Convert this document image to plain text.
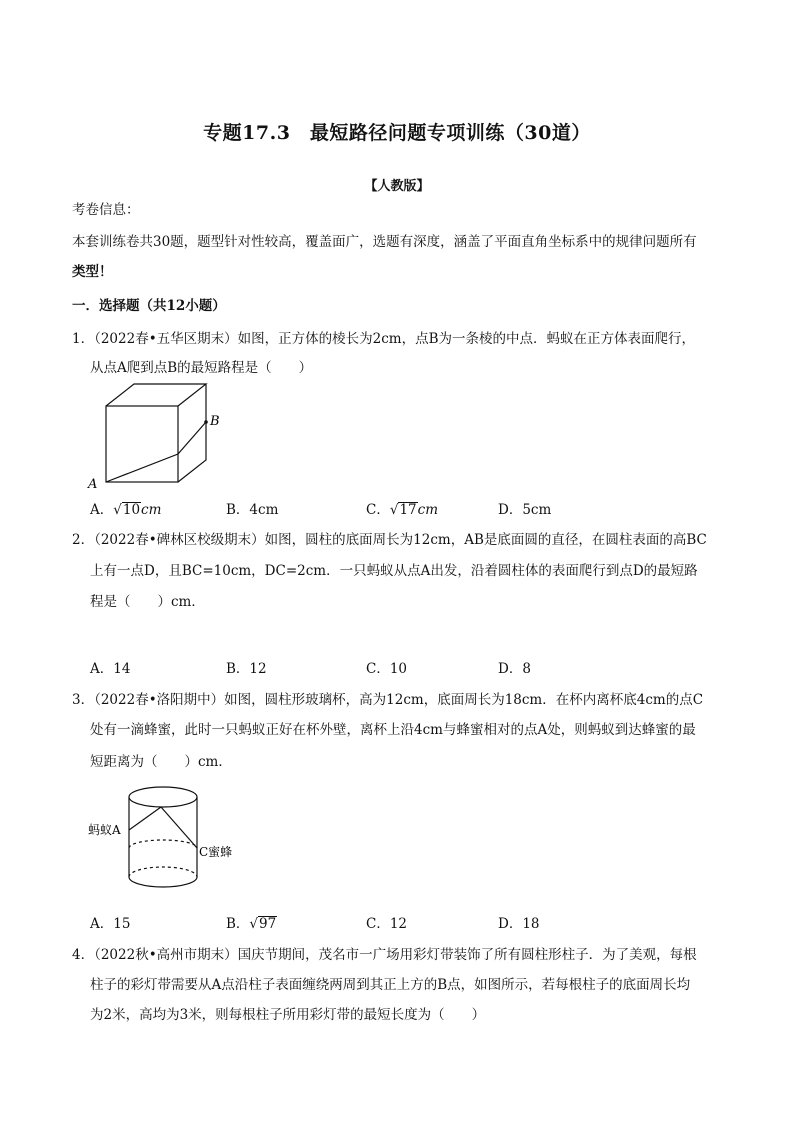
专题17.3　最短路径问题专项训练（30道）
【人教版】
考卷信息：
本套训练卷共30题，题型针对性较高，覆盖面广，选题有深度，涵盖了平面直角坐标系中的规律问题所有
类型！
一．选择题（共12小题）
1．（2022春•五华区期末）如图，正方体的棱长为2cm，点B为一条棱的中点．蚂蚁在正方体表面爬行，
从点A爬到点B的最短路程是（　　）
A
B
A．√10cm	B．4cm	C．√17cm	D．5cm
2．（2022春•碑林区校级期末）如图，圆柱的底面周长为12cm，AB是底面圆的直径，在圆柱表面的高BC
上有一点D，且BC=10cm，DC=2cm．一只蚂蚁从点A出发，沿着圆柱体的表面爬行到点D的最短路
程是（　　）cm．
A．14	B．12	C．10	D．8
3．（2022春•洛阳期中）如图，圆柱形玻璃杯，高为12cm，底面周长为18cm．在杯内离杯底4cm的点C
处有一滴蜂蜜，此时一只蚂蚁正好在杯外壁，离杯上沿4cm与蜂蜜相对的点A处，则蚂蚁到达蜂蜜的最
短距离为（　　）cm．
蚂蚁A
C蜜蜂
A．15	B．√97	C．12	D．18
4．（2022秋•高州市期末）国庆节期间，茂名市一广场用彩灯带装饰了所有圆柱形柱子．为了美观，每根
柱子的彩灯带需要从A点沿柱子表面缠绕两周到其正上方的B点，如图所示，若每根柱子的底面周长均
为2米，高均为3米，则每根柱子所用彩灯带的最短长度为（　　）
